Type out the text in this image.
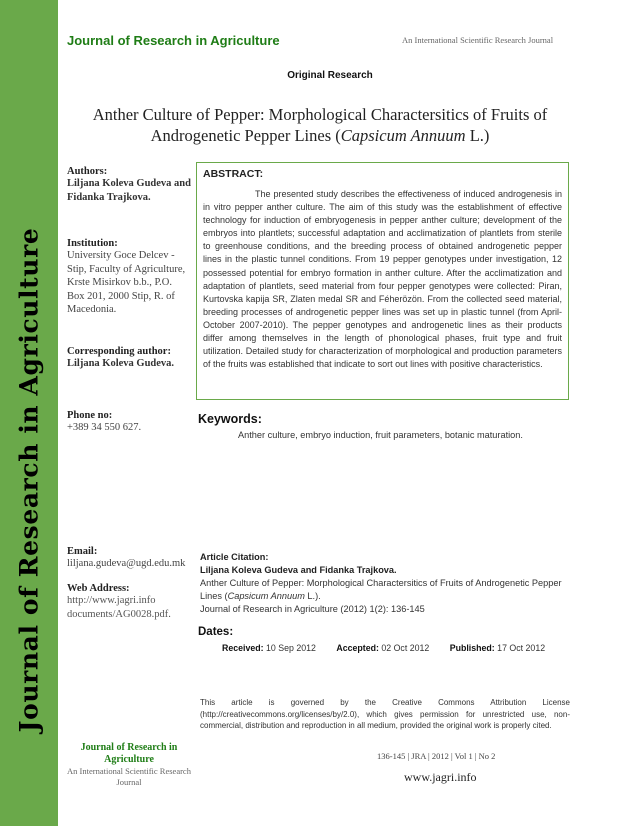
Journal of Research in Agriculture
Journal of Research in Agriculture	An International Scientific Research Journal
Original Research
Anther Culture of Pepper: Morphological Charactersitics of Fruits of Androgenetic Pepper Lines (Capsicum Annuum L.)
Authors:
Liljana Koleva Gudeva and Fidanka Trajkova.
Institution:
University Goce Delcev - Stip, Faculty of Agriculture, Krste Misirkov b.b., P.O. Box 201, 2000 Stip, R. of Macedonia.
Corresponding author:
Liljana Koleva Gudeva.
Phone no:
+389 34 550 627.
Email:
liljana.gudeva@ugd.edu.mk
Web Address:
http://www.jagri.info
documents/AG0028.pdf.
ABSTRACT:
The presented study describes the effectiveness of induced androgenesis in in vitro pepper anther culture. The aim of this study was the establishment of effective technology for induction of embryogenesis in pepper anther culture; development of the embryos into plantlets; successful adaptation and acclimatization of plantlets from sterile to greenhouse conditions, and the breeding process of obtained androgenetic pepper lines in the plastic tunnel conditions. From 19 pepper genotypes under investigation, 12 possessed potential for embryo formation in anther culture. After the acclimatization and adaptation of plantlets, seed material from four pepper genotypes were collected: Piran, Kurtovska kapija SR, Zlaten medal SR and Féherözön. From the collected seed material, breeding processes of androgenetic pepper lines was set up in plastic tunnel (from April-October 2007-2010). The pepper genotypes and androgenetic lines as their products differ among themselves in the length of phonological phases, fruit type and fruit utilization. Detailed study for characterization of morphological and production parameters of the fruits was established that indicate to sort out lines with positive characteristics.
Keywords:
Anther culture, embryo induction, fruit parameters, botanic maturation.
Article Citation:
Liljana Koleva Gudeva and Fidanka Trajkova.
Anther Culture of Pepper: Morphological Charactersitics of Fruits of Androgenetic Pepper Lines (Capsicum Annuum L.).
Journal of Research in Agriculture (2012) 1(2): 136-145
Dates:
Received: 10 Sep 2012 Accepted: 02 Oct 2012 Published: 17 Oct 2012
This article is governed by the Creative Commons Attribution License (http://creativecommons.org/licenses/by/2.0), which gives permission for unrestricted use, non-commercial, distribution and reproduction in all medium, provided the original work is properly cited.
Journal of Research in Agriculture
An International Scientific Research Journal
136-145 | JRA | 2012 | Vol 1 | No 2
www.jagri.info
